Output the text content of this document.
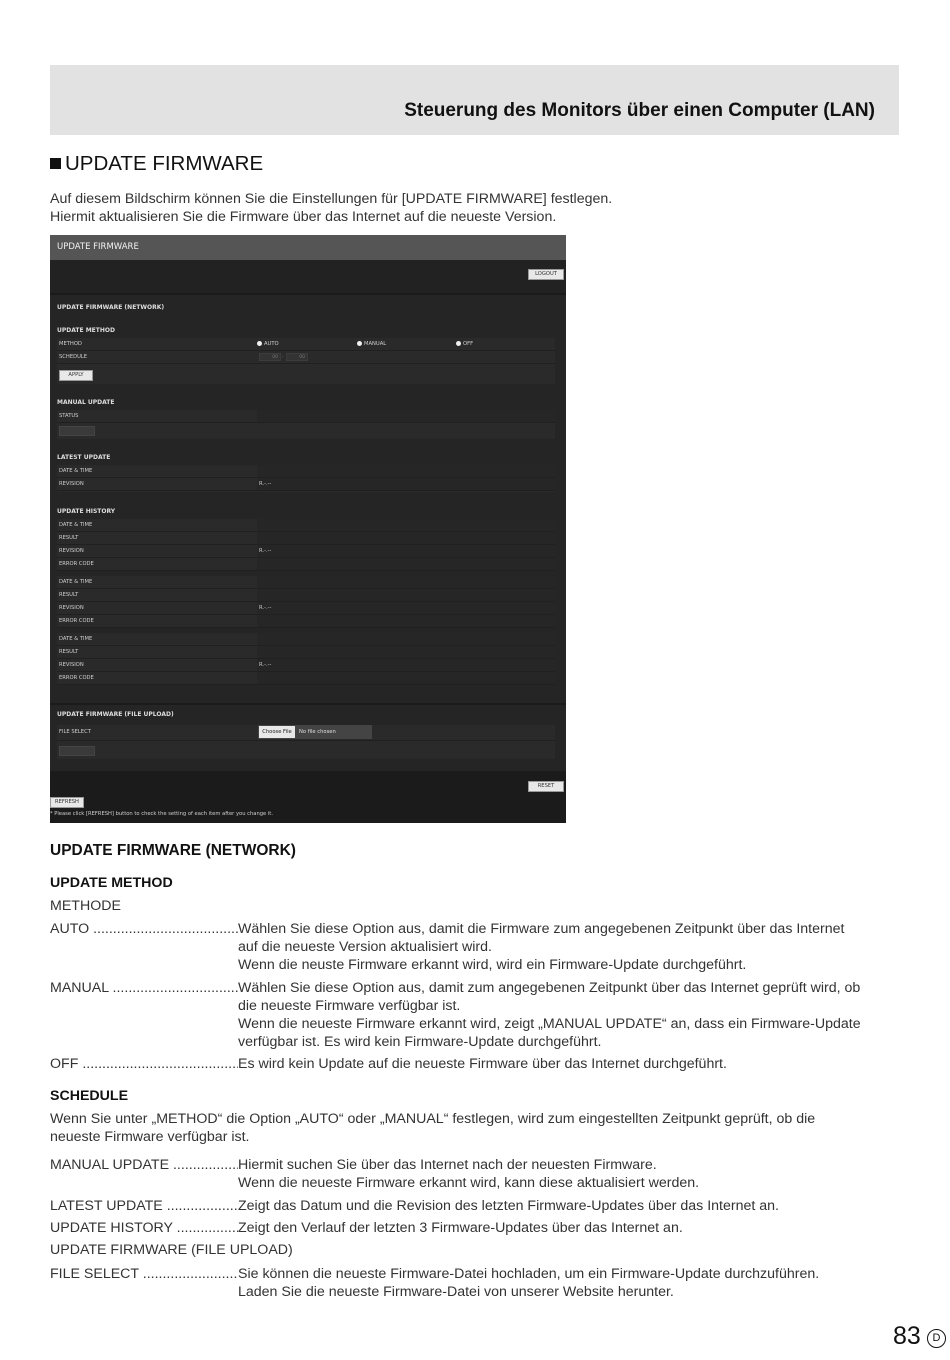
Steuerung des Monitors über einen Computer (LAN)
UPDATE FIRMWARE
Auf diesem Bildschirm können Sie die Einstellungen für [UPDATE FIRMWARE] festlegen.
Hiermit aktualisieren Sie die Firmware über das Internet auf die neueste Version.
UPDATE FIRMWARE
LOGOUT
UPDATE FIRMWARE (NETWORK)
UPDATE METHOD
METHOD	AUTO	MANUAL	OFF
SCHEDULE	00 :	00
APPLY
MANUAL UPDATE
STATUS
LATEST UPDATE
DATE & TIME
REVISION	R.-.--
UPDATE HISTORY
DATE & TIME
RESULT
REVISION	R.-.--
ERROR CODE
DATE & TIME
RESULT
REVISION	R.-.--
ERROR CODE
DATE & TIME
RESULT
REVISION	R.-.--
ERROR CODE
UPDATE FIRMWARE (FILE UPLOAD)
FILE SELECT	Choose File	No file chosen
RESET
REFRESH
* Please click [REFRESH] button to check the setting of each item after you change it.
UPDATE FIRMWARE (NETWORK)
UPDATE METHOD
METHODE
AUTO .....	Wählen Sie diese Option aus, damit die Firmware zum angegebenen Zeitpunkt über das Internet
auf die neueste Version aktualisiert wird.
Wenn die neuste Firmware erkannt wird, wird ein Firmware-Update durchgeführt.
MANUAL .....	Wählen Sie diese Option aus, damit zum angegebenen Zeitpunkt über das Internet geprüft wird, ob
die neueste Firmware verfügbar ist.
Wenn die neueste Firmware erkannt wird, zeigt „MANUAL UPDATE“ an, dass ein Firmware-Update
verfügbar ist. Es wird kein Firmware-Update durchgeführt.
OFF .....	Es wird kein Update auf die neueste Firmware über das Internet durchgeführt.
SCHEDULE
Wenn Sie unter „METHOD“ die Option „AUTO“ oder „MANUAL“ festlegen, wird zum eingestellten Zeitpunkt geprüft, ob die
neueste Firmware verfügbar ist.
MANUAL UPDATE .....	Hiermit suchen Sie über das Internet nach der neuesten Firmware.
Wenn die neueste Firmware erkannt wird, kann diese aktualisiert werden.
LATEST UPDATE .....	Zeigt das Datum und die Revision des letzten Firmware-Updates über das Internet an.
UPDATE HISTORY .....	Zeigt den Verlauf der letzten 3 Firmware-Updates über das Internet an.
UPDATE FIRMWARE (FILE UPLOAD)
FILE SELECT .....	Sie können die neueste Firmware-Datei hochladen, um ein Firmware-Update durchzuführen.
Laden Sie die neueste Firmware-Datei von unserer Website herunter.
83	D
